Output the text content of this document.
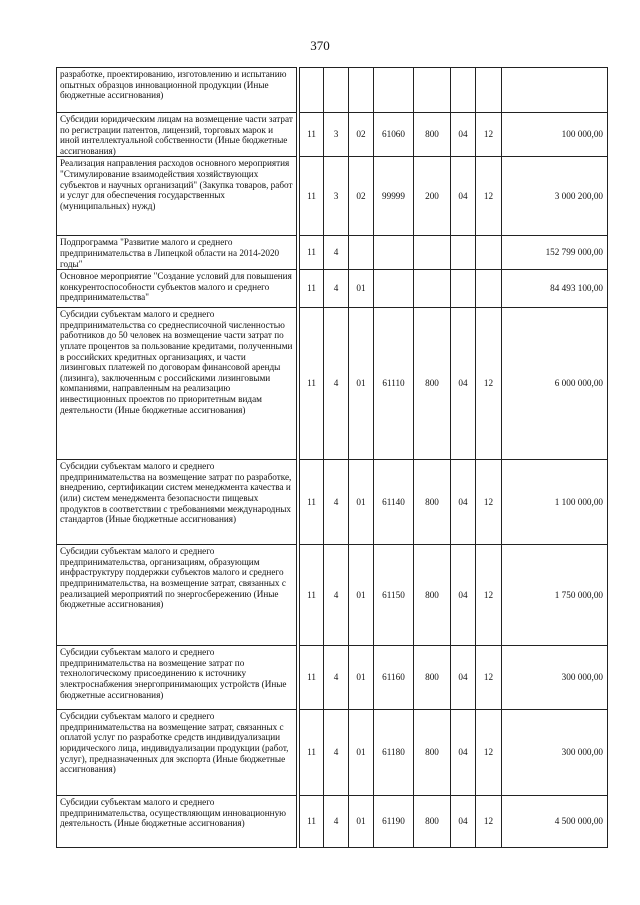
370
разработке, проектированию, изготовлению и испытанию опытных образцов инновационной продукции (Иные бюджетные ассигнования)									
Субсидии юридическим лицам на возмещение части затрат по регистрации патентов, лицензий, торговых марок и иной интеллектуальной собственности (Иные бюджетные ассигнования)		11	3	02	61060	800	04	12	100 000,00
Реализация направления расходов основного мероприятия "Стимулирование взаимодействия хозяйствующих субъектов и научных организаций" (Закупка товаров, работ и услуг для обеспечения государственных (муниципальных) нужд)		11	3	02	99999	200	04	12	3 000 200,00
Подпрограмма "Развитие малого и среднего предпринимательства в Липецкой области на 2014-2020 годы"		11	4						152 799 000,00
Основное мероприятие "Создание условий для повышения конкурентоспособности субъектов малого и среднего предпринимательства"		11	4	01					84 493 100,00
Субсидии субъектам малого и среднего предпринимательства со среднесписочной численностью работников до 50 человек на возмещение части затрат по уплате процентов за пользование кредитами, полученными в российских кредитных организациях, и части лизинговых платежей по договорам финансовой аренды (лизинга), заключенным с российскими лизинговыми компаниями, направленным на реализацию инвестиционных проектов по приоритетным видам деятельности (Иные бюджетные ассигнования)		11	4	01	61110	800	04	12	6 000 000,00
Субсидии субъектам малого и среднего предпринимательства на возмещение затрат по разработке, внедрению, сертификации систем менеджмента качества и (или) систем менеджмента безопасности пищевых продуктов в соответствии с требованиями международных стандартов (Иные бюджетные ассигнования)		11	4	01	61140	800	04	12	1 100 000,00
Субсидии субъектам малого и среднего предпринимательства, организациям, образующим инфраструктуру поддержки субъектов малого и среднего предпринимательства, на возмещение затрат, связанных с реализацией мероприятий по энергосбережению (Иные бюджетные ассигнования)		11	4	01	61150	800	04	12	1 750 000,00
Субсидии субъектам малого и среднего предпринимательства на возмещение затрат по технологическому присоединению к источнику электроснабжения энергопринимающих устройств (Иные бюджетные ассигнования)		11	4	01	61160	800	04	12	300 000,00
Субсидии субъектам малого и среднего предпринимательства на возмещение затрат, связанных с оплатой услуг по разработке средств индивидуализации юридического лица, индивидуализации продукции (работ, услуг), предназначенных для экспорта (Иные бюджетные ассигнования)		11	4	01	61180	800	04	12	300 000,00
Субсидии субъектам малого и среднего предпринимательства, осуществляющим инновационную деятельность (Иные бюджетные ассигнования)		11	4	01	61190	800	04	12	4 500 000,00
